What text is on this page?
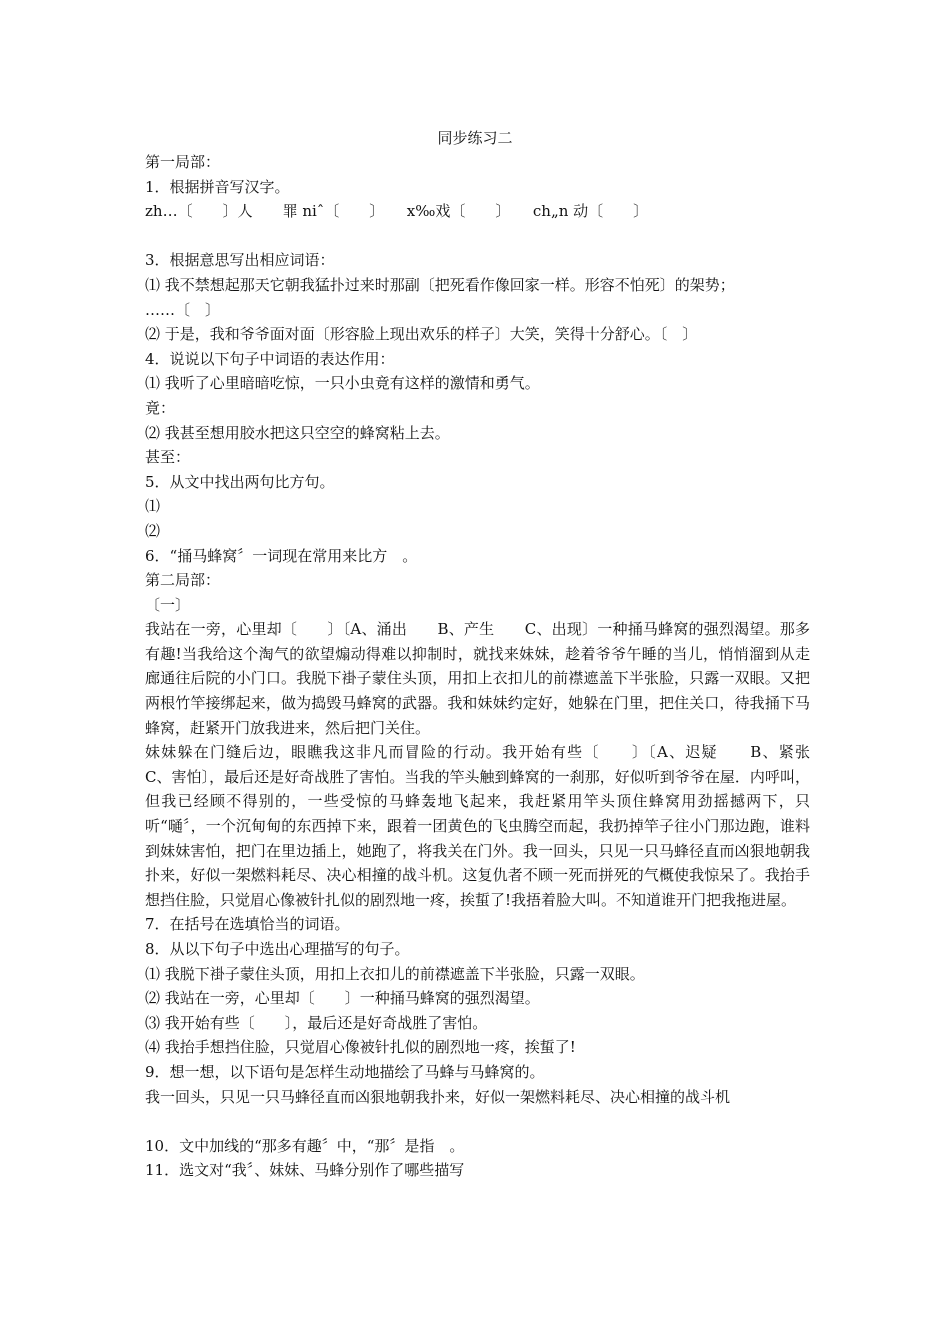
同步练习二
第一局部：
1．根据拼音写汉字。
zh…〔　　〕人　　罪 niˆ〔　　〕　　x‰戏〔　　〕　　ch„n 动〔　　〕
3．根据意思写出相应词语：
⑴ 我不禁想起那天它朝我猛扑过来时那副〔把死看作像回家一样。形容不怕死〕的架势；
……〔　〕
⑵ 于是，我和爷爷面对面〔形容脸上现出欢乐的样子〕大笑，笑得十分舒心。〔　〕
4．说说以下句子中词语的表达作用：
⑴ 我听了心里暗暗吃惊，一只小虫竟有这样的激情和勇气。
竟：
⑵ 我甚至想用胶水把这只空空的蜂窝粘上去。
甚至：
5．从文中找出两句比方句。
⑴
⑵
6．“捅马蜂窝〞一词现在常用来比方　。
第二局部：
〔一〕
我站在一旁，心里却〔　　〕〔A、涌出　　B、产生　　C、出现〕一种捅马蜂窝的强烈渴望。那多有趣!当我给这个淘气的欲望煽动得难以抑制时，就找来妹妹，趁着爷爷午睡的当儿，悄悄溜到从走廊通往后院的小门口。我脱下褂子蒙住头顶，用扣上衣扣儿的前襟遮盖下半张脸，只露一双眼。又把两根竹竿接绑起来，做为捣毁马蜂窝的武器。我和妹妹约定好，她躲在门里，把住关口，待我捅下马蜂窝，赶紧开门放我进来，然后把门关住。
妹妹躲在门缝后边，眼瞧我这非凡而冒险的行动。我开始有些〔　　〕〔A、迟疑　　B、紧张　　C、害怕〕，最后还是好奇战胜了害怕。当我的竿头触到蜂窝的一刹那，好似听到爷爷在屋．内呼叫，但我已经顾不得别的，一些受惊的马蜂轰地飞起来，我赶紧用竿头顶住蜂窝用劲摇撼两下，只听“嗵〞，一个沉甸甸的东西掉下来，跟着一团黄色的飞虫腾空而起，我扔掉竿子往小门那边跑，谁料到妹妹害怕，把门在里边插上，她跑了，将我关在门外。我一回头，只见一只马蜂径直而凶狠地朝我扑来，好似一架燃料耗尽、决心相撞的战斗机。这复仇者不顾一死而拼死的气概使我惊呆了。我抬手想挡住脸，只觉眉心像被针扎似的剧烈地一疼，挨蜇了!我捂着脸大叫。不知道谁开门把我拖进屋。
7．在括号在选填恰当的词语。
8．从以下句子中选出心理描写的句子。
⑴ 我脱下褂子蒙住头顶，用扣上衣扣儿的前襟遮盖下半张脸，只露一双眼。
⑵ 我站在一旁，心里却〔　　〕一种捅马蜂窝的强烈渴望。
⑶ 我开始有些〔　　〕，最后还是好奇战胜了害怕。
⑷ 我抬手想挡住脸，只觉眉心像被针扎似的剧烈地一疼，挨蜇了!
9．想一想，以下语句是怎样生动地描绘了马蜂与马蜂窝的。
我一回头，只见一只马蜂径直而凶狠地朝我扑来，好似一架燃料耗尽、决心相撞的战斗机
10．文中加线的“那多有趣〞中，“那〞是指　。
11．选文对“我〞、妹妹、马蜂分别作了哪些描写
